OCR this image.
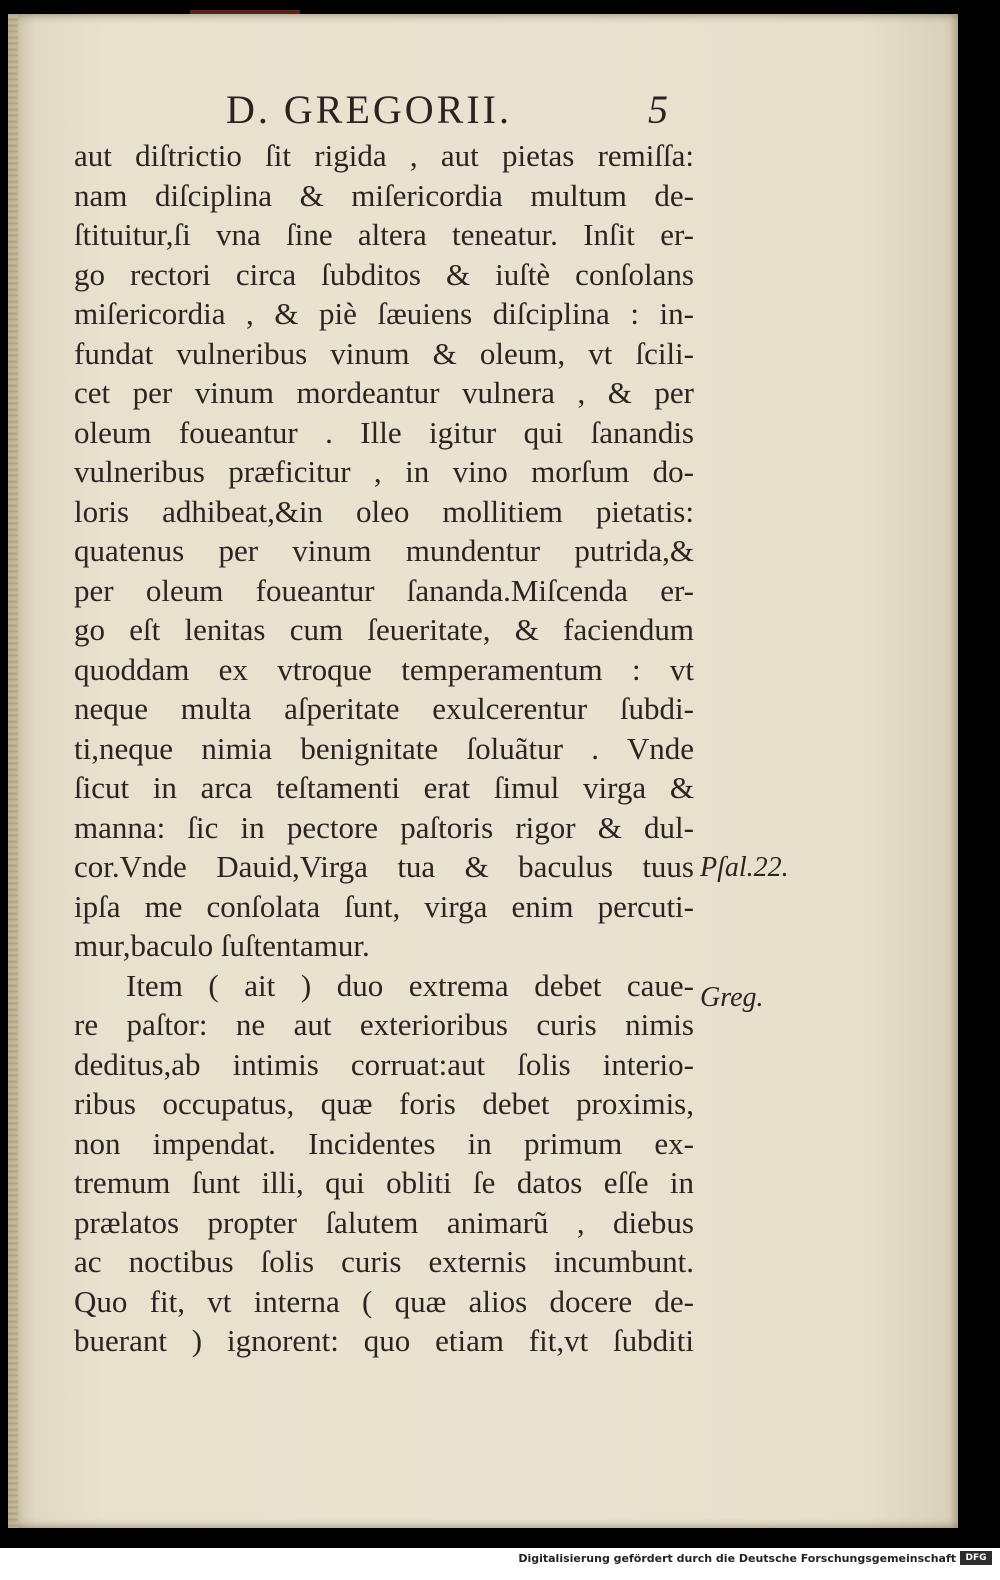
D. GREGORII.	5
aut diſtrictio ſit rigida , aut pietas remiſſa:
nam diſciplina & miſericordia multum de-
ſtituitur,ſi vna ſine altera teneatur. Inſit er-
go rectori circa ſubditos & iuſtè conſolans
miſericordia , & piè ſæuiens diſciplina : in-
fundat vulneribus vinum & oleum, vt ſcili-
cet per vinum mordeantur vulnera , & per
oleum foueantur . Ille igitur qui ſanandis
vulneribus præficitur , in vino morſum do-
loris adhibeat,&in oleo mollitiem pietatis:
quatenus per vinum mundentur putrida,&
per oleum foueantur ſananda.Miſcenda er-
go eſt lenitas cum ſeueritate, & faciendum
quoddam ex vtroque temperamentum : vt
neque multa aſperitate exulcerentur ſubdi-
ti,neque nimia benignitate ſoluãtur . Vnde
ſicut in arca teſtamenti erat ſimul virga &
manna: ſic in pectore paſtoris rigor & dul-
cor.Vnde Dauid,Virga tua & baculus tuus
ipſa me conſolata ſunt, virga enim percuti-
mur,baculo ſuſtentamur.
Item ( ait ) duo extrema debet caue-
re paſtor: ne aut exterioribus curis nimis
deditus,ab intimis corruat:aut ſolis interio-
ribus occupatus, quæ foris debet proximis,
non impendat. Incidentes in primum ex-
tremum ſunt illi, qui obliti ſe datos eſſe in
prælatos propter ſalutem animarũ , diebus
ac noctibus ſolis curis externis incumbunt.
Quo fit, vt interna ( quæ alios docere de-
buerant ) ignorent: quo etiam fit,vt ſubditi
Pſal.22.
Greg.
Digitalisierung gefördert durch die Deutsche Forschungsgemeinschaft	DFG
